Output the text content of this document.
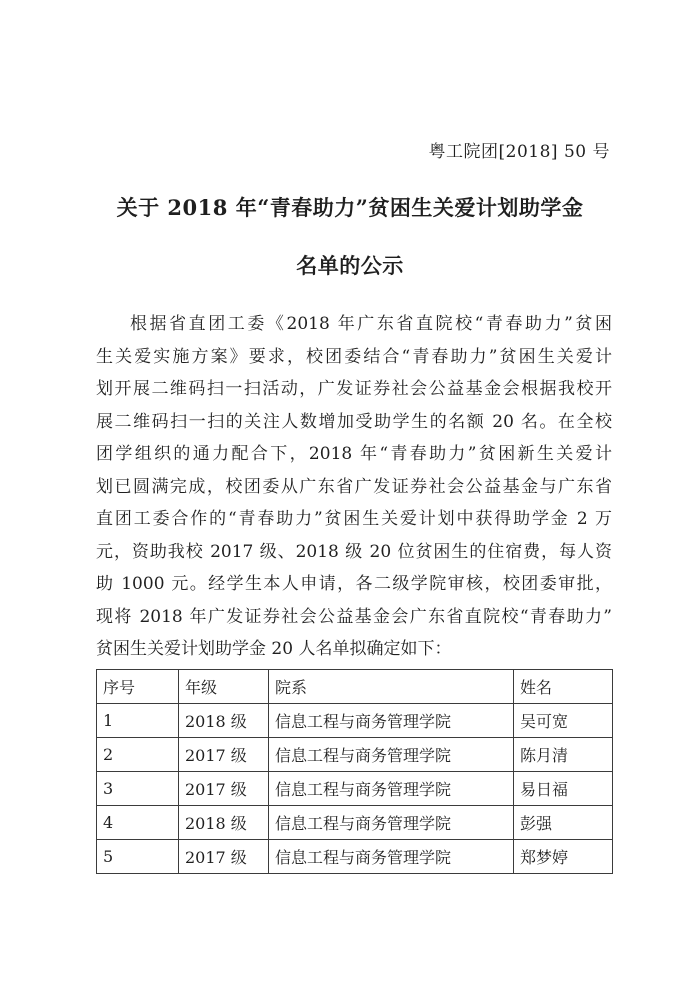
粤工院团[2018] 50 号
关于 2018 年“青春助力”贫困生关爱计划助学金
名单的公示
根据省直团工委《2018 年广东省直院校“青春助力”贫困
生关爱实施方案》要求，校团委结合“青春助力”贫困生关爱计
划开展二维码扫一扫活动，广发证券社会公益基金会根据我校开
展二维码扫一扫的关注人数增加受助学生的名额 20 名。在全校
团学组织的通力配合下，2018 年“青春助力”贫困新生关爱计
划已圆满完成，校团委从广东省广发证券社会公益基金与广东省
直团工委合作的“青春助力”贫困生关爱计划中获得助学金 2 万
元，资助我校 2017 级、2018 级 20 位贫困生的住宿费，每人资
助 1000 元。经学生本人申请，各二级学院审核，校团委审批，
现将 2018 年广发证券社会公益基金会广东省直院校“青春助力”
贫困生关爱计划助学金 20 人名单拟确定如下：
序号	年级	院系	姓名
1	2018 级	信息工程与商务管理学院	吴可宽
2	2017 级	信息工程与商务管理学院	陈月清
3	2017 级	信息工程与商务管理学院	易日福
4	2018 级	信息工程与商务管理学院	彭强
5	2017 级	信息工程与商务管理学院	郑梦婷
